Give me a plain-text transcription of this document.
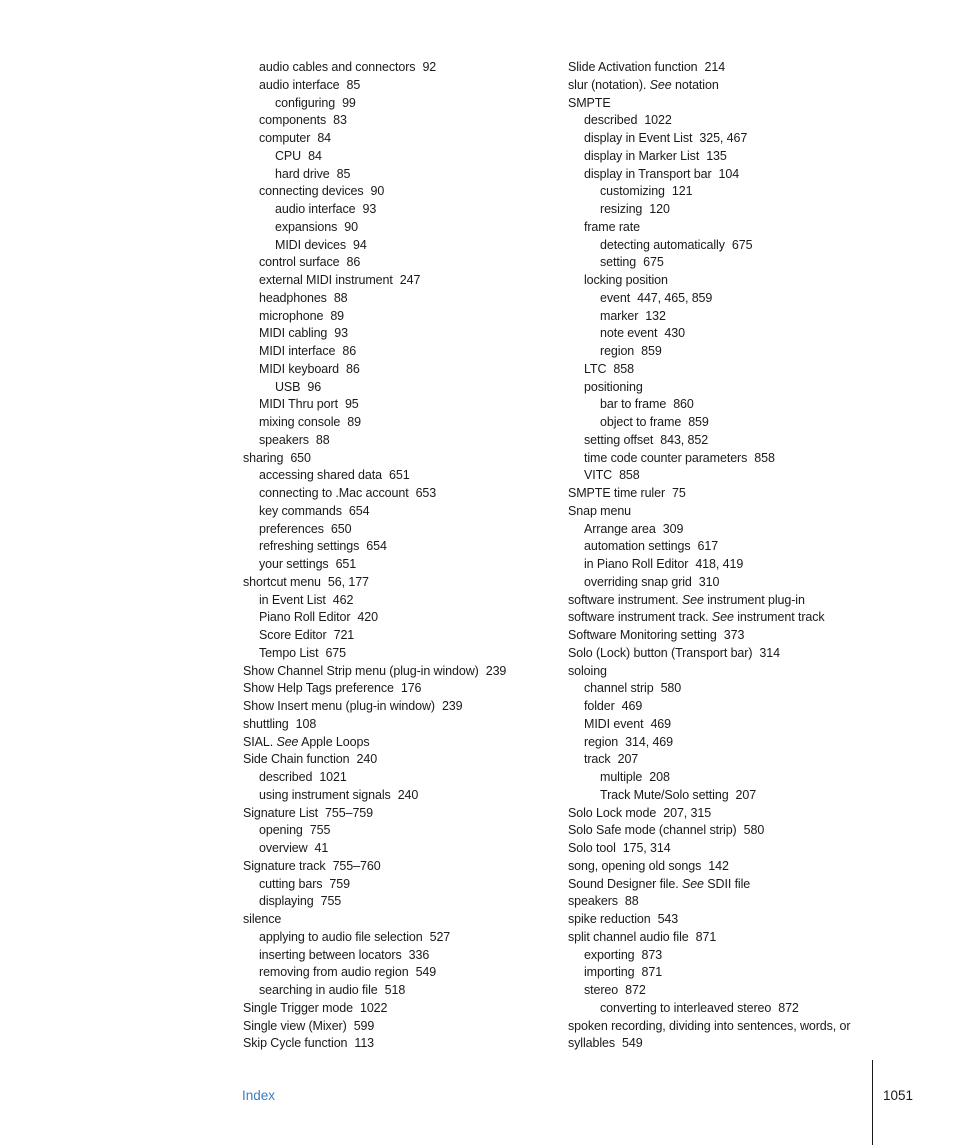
audio cables and connectors 92
audio interface 85
configuring 99
components 83
computer 84
CPU 84
hard drive 85
connecting devices 90
audio interface 93
expansions 90
MIDI devices 94
control surface 86
external MIDI instrument 247
headphones 88
microphone 89
MIDI cabling 93
MIDI interface 86
MIDI keyboard 86
USB 96
MIDI Thru port 95
mixing console 89
speakers 88
sharing 650
accessing shared data 651
connecting to .Mac account 653
key commands 654
preferences 650
refreshing settings 654
your settings 651
shortcut menu 56, 177
in Event List 462
Piano Roll Editor 420
Score Editor 721
Tempo List 675
Show Channel Strip menu (plug-in window) 239
Show Help Tags preference 176
Show Insert menu (plug-in window) 239
shuttling 108
SIAL. See Apple Loops
Side Chain function 240
described 1021
using instrument signals 240
Signature List 755–759
opening 755
overview 41
Signature track 755–760
cutting bars 759
displaying 755
silence
applying to audio file selection 527
inserting between locators 336
removing from audio region 549
searching in audio file 518
Single Trigger mode 1022
Single view (Mixer) 599
Skip Cycle function 113
Slide Activation function 214
slur (notation). See notation
SMPTE
described 1022
display in Event List 325, 467
display in Marker List 135
display in Transport bar 104
customizing 121
resizing 120
frame rate
detecting automatically 675
setting 675
locking position
event 447, 465, 859
marker 132
note event 430
region 859
LTC 858
positioning
bar to frame 860
object to frame 859
setting offset 843, 852
time code counter parameters 858
VITC 858
SMPTE time ruler 75
Snap menu
Arrange area 309
automation settings 617
in Piano Roll Editor 418, 419
overriding snap grid 310
software instrument. See instrument plug-in
software instrument track. See instrument track
Software Monitoring setting 373
Solo (Lock) button (Transport bar) 314
soloing
channel strip 580
folder 469
MIDI event 469
region 314, 469
track 207
multiple 208
Track Mute/Solo setting 207
Solo Lock mode 207, 315
Solo Safe mode (channel strip) 580
Solo tool 175, 314
song, opening old songs 142
Sound Designer file. See SDII file
speakers 88
spike reduction 543
split channel audio file 871
exporting 873
importing 871
stereo 872
converting to interleaved stereo 872
spoken recording, dividing into sentences, words, or
syllables 549
Index	1051
